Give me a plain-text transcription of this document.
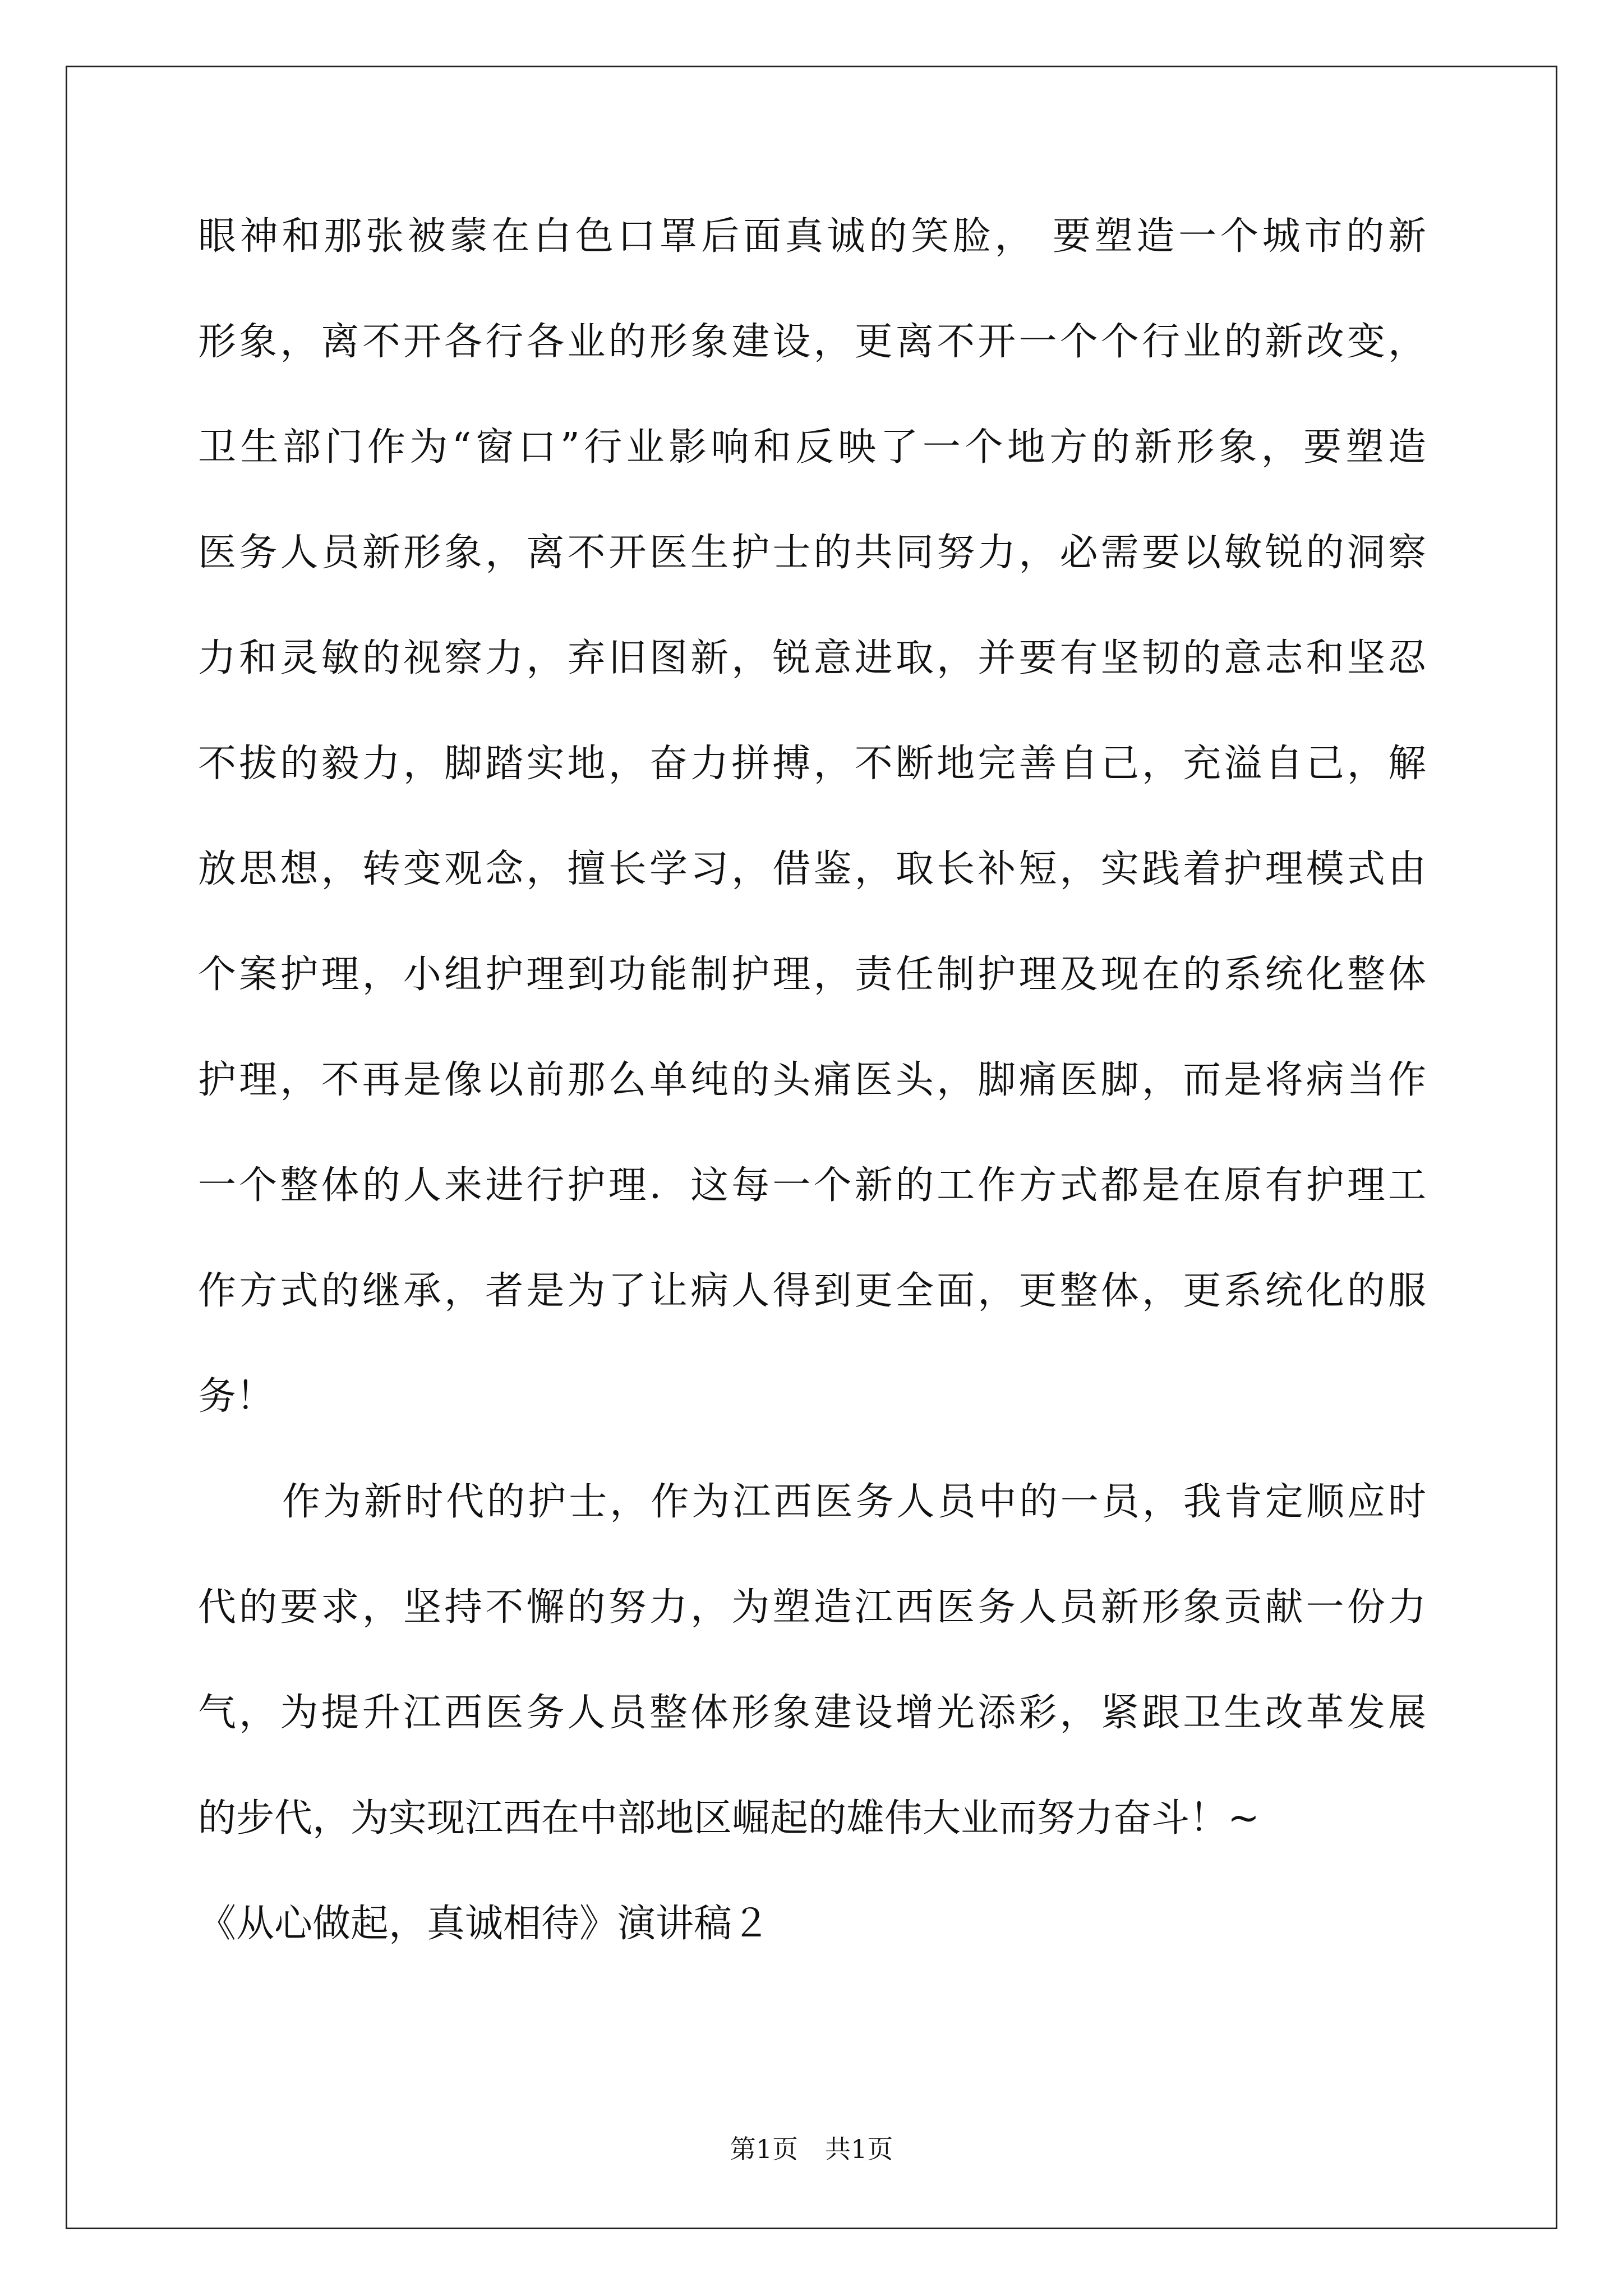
眼神和那张被蒙在白色口罩后面真诚的笑脸， 要塑造一个城市的新
形象，离不开各行各业的形象建设，更离不开一个个行业的新改变，
卫生部门作为“窗口”行业影响和反映了一个地方的新形象，要塑造
医务人员新形象，离不开医生护士的共同努力，必需要以敏锐的洞察
力和灵敏的视察力，弃旧图新，锐意进取，并要有坚韧的意志和坚忍
不拔的毅力，脚踏实地，奋力拼搏，不断地完善自己，充溢自己，解
放思想，转变观念，擅长学习，借鉴，取长补短，实践着护理模式由
个案护理，小组护理到功能制护理，责任制护理及现在的系统化整体
护理，不再是像以前那么单纯的头痛医头，脚痛医脚，而是将病当作
一个整体的人来进行护理．这每一个新的工作方式都是在原有护理工
作方式的继承，者是为了让病人得到更全面，更整体，更系统化的服
务！
作为新时代的护士，作为江西医务人员中的一员，我肯定顺应时
代的要求，坚持不懈的努力，为塑造江西医务人员新形象贡献一份力
气，为提升江西医务人员整体形象建设增光添彩，紧跟卫生改革发展
的步代，为实现江西在中部地区崛起的雄伟大业而努力奋斗！~
《从心做起，真诚相待》演讲稿２
第1页 共1页
